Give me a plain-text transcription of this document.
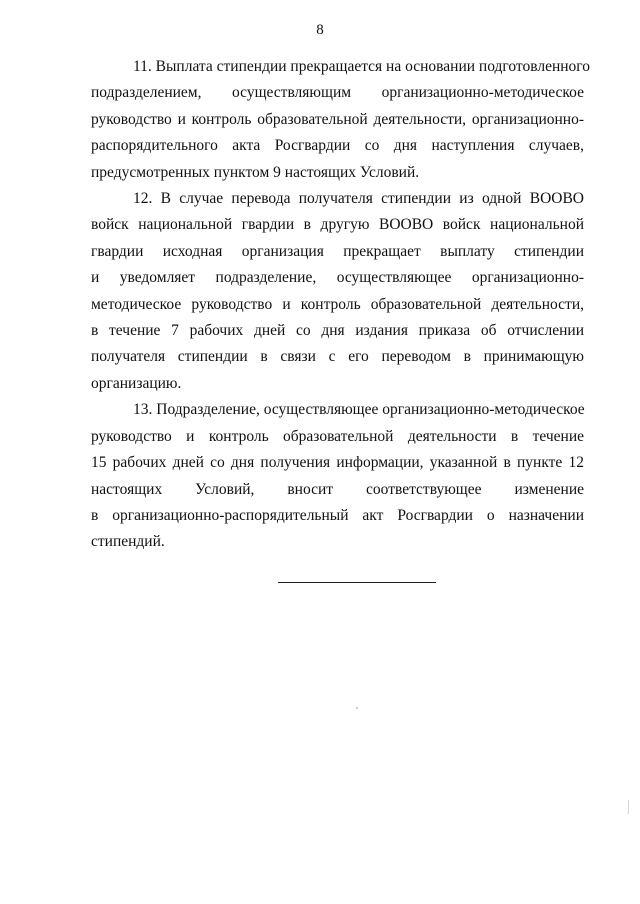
8

11. Выплата стипендии прекращается на основании подготовленного
подразделением, осуществляющим организационно-методическое
руководство и контроль образовательной деятельности, организационно-
распорядительного акта Росгвардии со дня наступления случаев,
предусмотренных пунктом 9 настоящих Условий.

12. В случае перевода получателя стипендии из одной ВООВО
войск национальной гвардии в другую ВООВО войск национальной
гвардии исходная организация прекращает выплату стипендии
и уведомляет подразделение, осуществляющее организационно-
методическое руководство и контроль образовательной деятельности,
в течение 7 рабочих дней со дня издания приказа об отчислении
получателя стипендии в связи с его переводом в принимающую
организацию.

13. Подразделение, осуществляющее организационно-методическое
руководство и контроль образовательной деятельности в течение
15 рабочих дней со дня получения информации, указанной в пункте 12
настоящих Условий, вносит соответствующее изменение
в организационно-распорядительный акт Росгвардии о назначении
стипендий.
